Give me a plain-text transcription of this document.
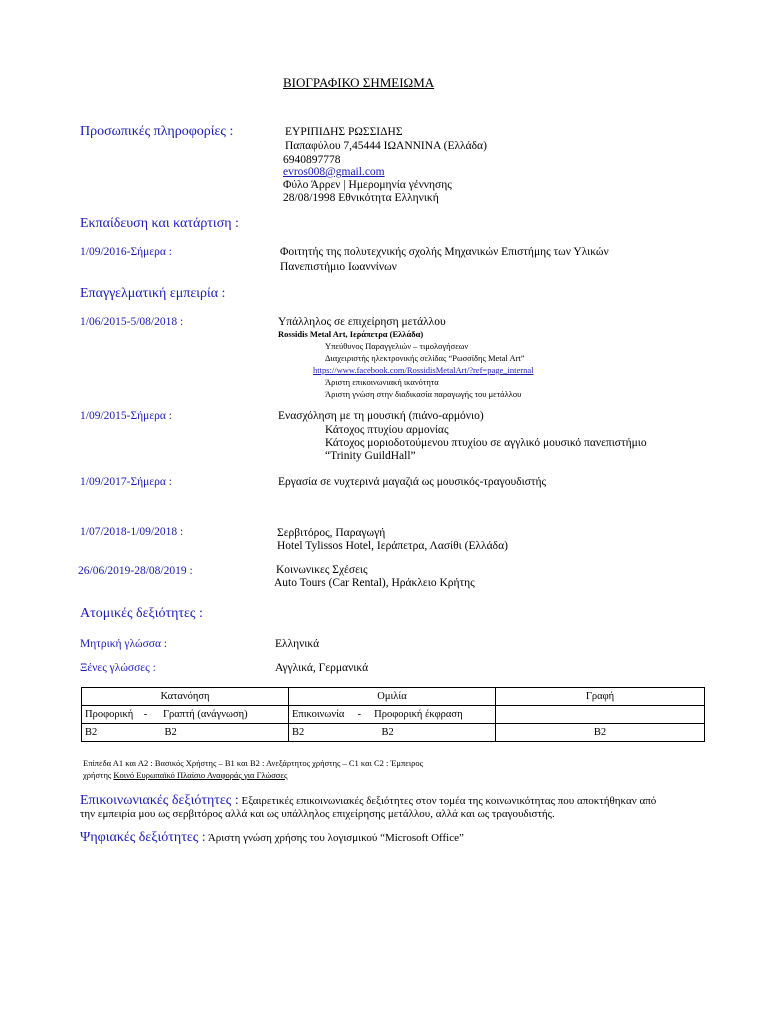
ΒΙΟΓΡΑΦΙΚΟ ΣΗΜΕΙΩΜΑ
Προσωπικές πληροφορίες :	ΕΥΡΙΠΙΔΗΣ ΡΩΣΣΙΔΗΣ
Παπαφύλου 7,45444 ΙΩΑΝΝΙΝΑ (Ελλάδα)
6940897778
evros008@gmail.com
Φύλο Άρρεν | Ημερομηνία γέννησης
28/08/1998 Εθνικότητα Ελληνική
Εκπαίδευση και κατάρτιση :
1/09/2016-Σήμερα :	Φοιτητής της πολυτεχνικής σχολής Μηχανικών Επιστήμης των Υλικών
Πανεπιστήμιο Ιωαννίνων
Επαγγελματική εμπειρία :
1/06/2015-5/08/2018 :	Υπάλληλος σε επιχείρηση μετάλλου
Rossidis Metal Art, Ιεράπετρα (Ελλάδα)
Υπεύθυνος Παραγγελιών – τιμολογήσεων
Διαχειριστής ηλεκτρονικής σελίδας “Ρωσσίδης Metal Art”
https://www.facebook.com/RossidisMetalArt/?ref=page_internal
Άριστη επικοινωνιακή ικανότητα
Άριστη γνώση στην διαδικασία παραγωγής του μετάλλου
1/09/2015-Σήμερα :	Ενασχόληση με τη μουσική (πιάνο-αρμόνιο)
Κάτοχος πτυχίου αρμονίας
Κάτοχος μοριοδοτούμενου πτυχίου σε αγγλικό μουσικό πανεπιστήμιο
“Trinity GuildHall”
1/09/2017-Σήμερα :	Εργασία σε νυχτερινά μαγαζιά ως μουσικός-τραγουδιστής
1/07/2018-1/09/2018 :	Σερβιτόρος, Παραγωγή
Hotel Tylissos Hotel, Ιεράπετρα, Λασίθι (Ελλάδα)
26/06/2019-28/08/2019 :	Κοινωνικες Σχέσεις
Auto Tours (Car Rental), Ηράκλειο Κρήτης
Ατομικές δεξιότητες :
Μητρική γλώσσα :	Ελληνικά
Ξένες γλώσσες :	Αγγλικά, Γερμανικά
Κατανόηση	Ομιλία	Γραφή
Προφορική    -      Γραπτή (ανάγνωση)	Επικοινωνία     -     Προφορική έκφραση	
B2 B2	B2 B2	B2
Επίπεδα Α1 και Α2 : Βασικός Χρήστης – Β1 και Β2 : Ανεξάρτητος χρήστης – C1 και C2 : Έμπειρος
χρήστης Κοινό Ευρωπαϊκό Πλαίσιο Αναφοράς για Γλώσσες
Επικοινωνιακές δεξιότητες : Εξαιρετικές επικοινωνιακές δεξιότητες στον τομέα της κοινωνικότητας που αποκτήθηκαν από
την εμπειρία μου ως σερβιτόρος αλλά και ως υπάλληλος επιχείρησης μετάλλου, αλλά και ως τραγουδιστής.
Ψηφιακές δεξιότητες : Άριστη γνώση χρήσης του λογισμικού “Microsoft Office”
